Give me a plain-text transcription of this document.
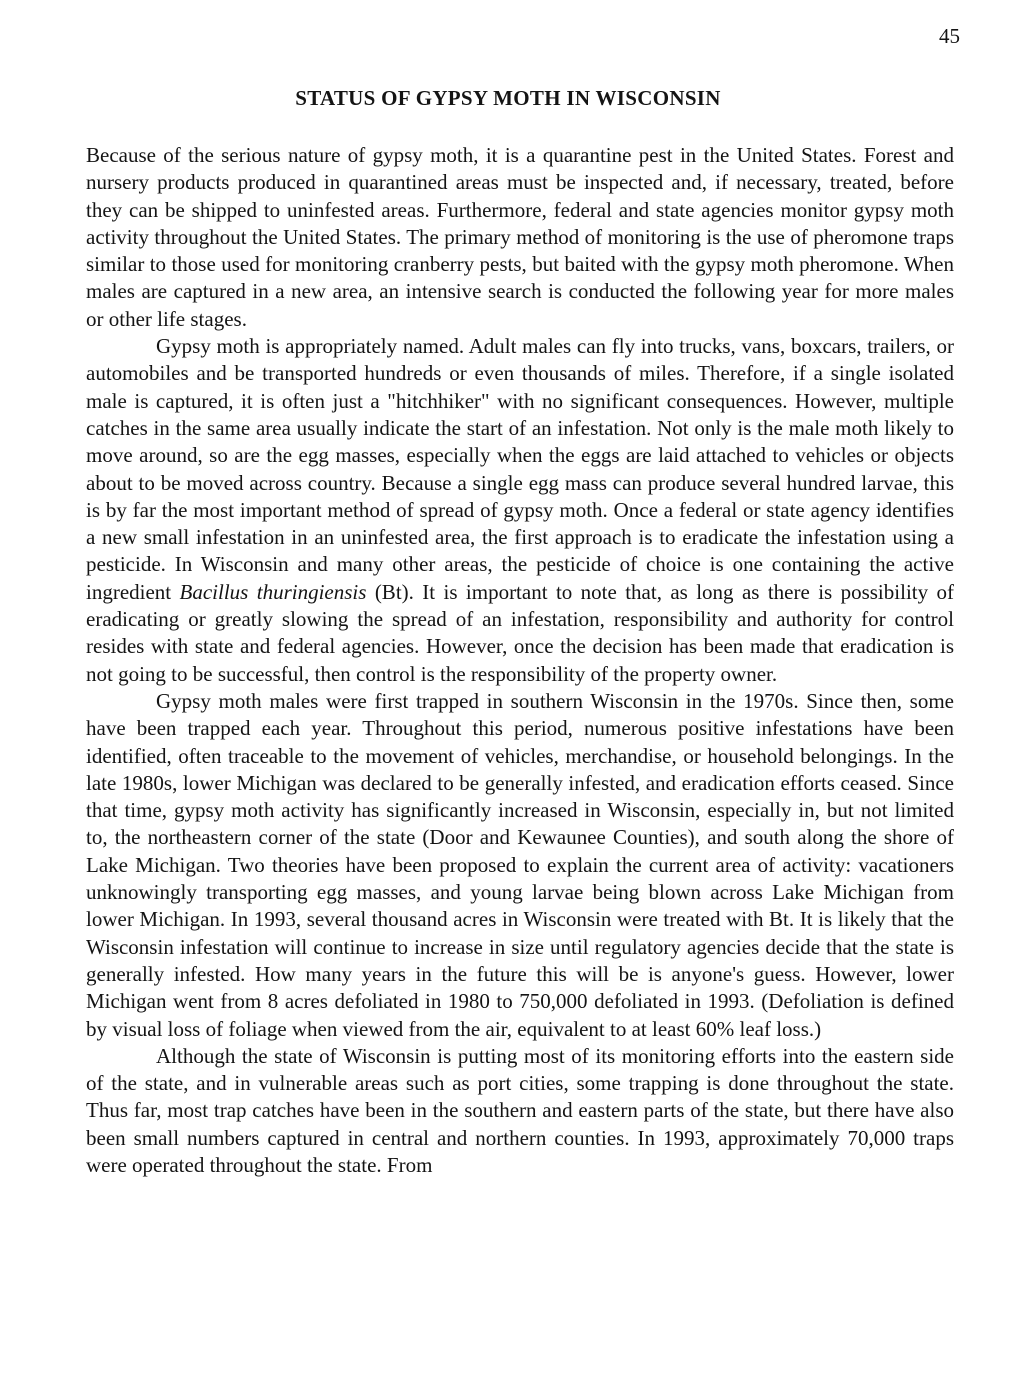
45
STATUS OF GYPSY MOTH IN WISCONSIN

Because of the serious nature of gypsy moth, it is a quarantine pest in the United States. Forest and nursery products produced in quarantined areas must be inspected and, if necessary, treated, before they can be shipped to uninfested areas. Furthermore, federal and state agencies monitor gypsy moth activity throughout the United States. The primary method of monitoring is the use of pheromone traps similar to those used for monitoring cranberry pests, but baited with the gypsy moth pheromone. When males are captured in a new area, an intensive search is conducted the following year for more males or other life stages.

Gypsy moth is appropriately named. Adult males can fly into trucks, vans, boxcars, trailers, or automobiles and be transported hundreds or even thousands of miles. Therefore, if a single isolated male is captured, it is often just a "hitchhiker" with no significant consequences. However, multiple catches in the same area usually indicate the start of an infestation. Not only is the male moth likely to move around, so are the egg masses, especially when the eggs are laid attached to vehicles or objects about to be moved across country. Because a single egg mass can produce several hundred larvae, this is by far the most important method of spread of gypsy moth. Once a federal or state agency identifies a new small infestation in an uninfested area, the first approach is to eradicate the infestation using a pesticide. In Wisconsin and many other areas, the pesticide of choice is one containing the active ingredient Bacillus thuringiensis (Bt). It is important to note that, as long as there is possibility of eradicating or greatly slowing the spread of an infestation, responsibility and authority for control resides with state and federal agencies. However, once the decision has been made that eradication is not going to be successful, then control is the responsibility of the property owner.

Gypsy moth males were first trapped in southern Wisconsin in the 1970s. Since then, some have been trapped each year. Throughout this period, numerous positive infestations have been identified, often traceable to the movement of vehicles, merchandise, or household belongings. In the late 1980s, lower Michigan was declared to be generally infested, and eradication efforts ceased. Since that time, gypsy moth activity has significantly increased in Wisconsin, especially in, but not limited to, the northeastern corner of the state (Door and Kewaunee Counties), and south along the shore of Lake Michigan. Two theories have been proposed to explain the current area of activity: vacationers unknowingly transporting egg masses, and young larvae being blown across Lake Michigan from lower Michigan. In 1993, several thousand acres in Wisconsin were treated with Bt. It is likely that the Wisconsin infestation will continue to increase in size until regulatory agencies decide that the state is generally infested. How many years in the future this will be is anyone's guess. However, lower Michigan went from 8 acres defoliated in 1980 to 750,000 defoliated in 1993. (Defoliation is defined by visual loss of foliage when viewed from the air, equivalent to at least 60% leaf loss.)

Although the state of Wisconsin is putting most of its monitoring efforts into the eastern side of the state, and in vulnerable areas such as port cities, some trapping is done throughout the state. Thus far, most trap catches have been in the southern and eastern parts of the state, but there have also been small numbers captured in central and northern counties. In 1993, approximately 70,000 traps were operated throughout the state. From
